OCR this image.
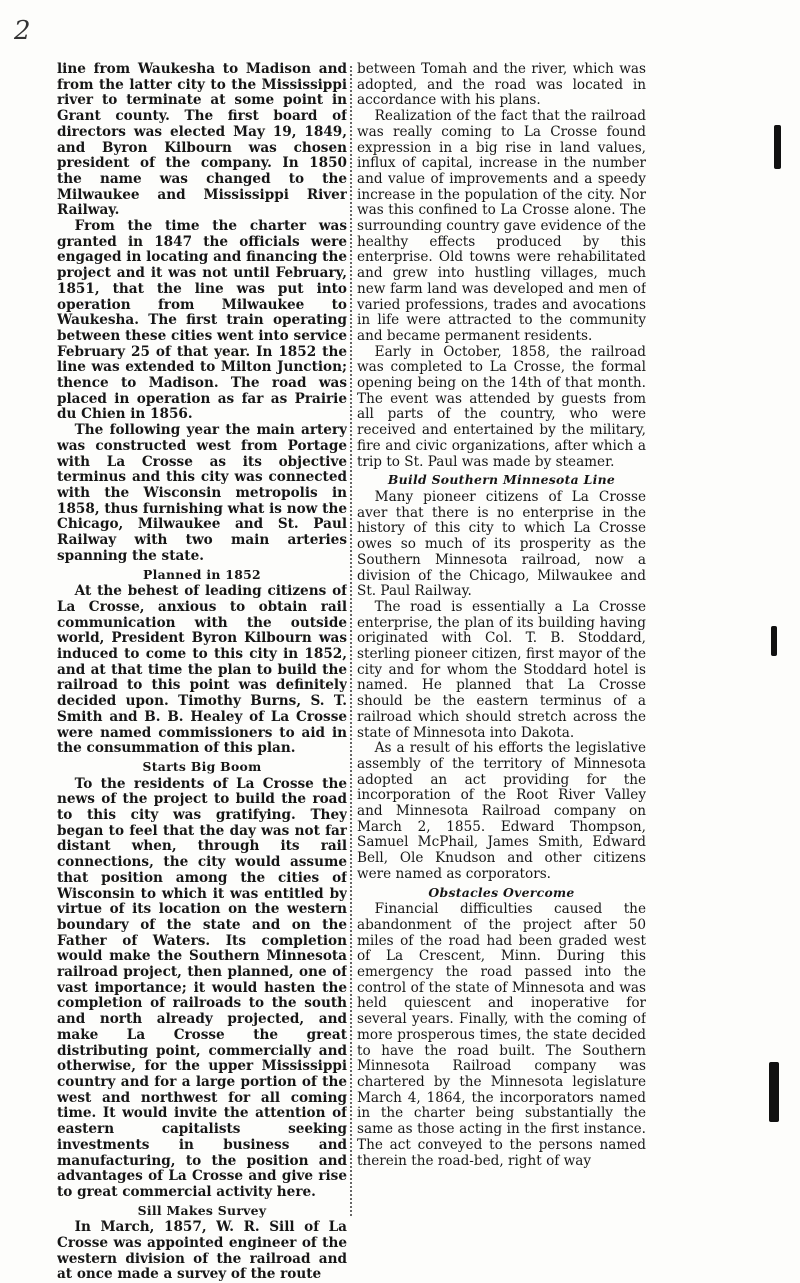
2

line from Waukesha to Madison and from the latter city to the Mississippi river to terminate at some point in Grant county. The first board of directors was elected May 19, 1849, and Byron Kilbourn was chosen president of the company. In 1850 the name was changed to the Milwaukee and Mississippi River Railway.

From the time the charter was granted in 1847 the officials were engaged in locating and financing the project and it was not until February, 1851, that the line was put into operation from Milwaukee to Waukesha. The first train operating between these cities went into service February 25 of that year. In 1852 the line was extended to Milton Junction; thence to Madison. The road was placed in operation as far as Prairie du Chien in 1856.

The following year the main artery was constructed west from Portage with La Crosse as its objective terminus and this city was connected with the Wisconsin metropolis in 1858, thus furnishing what is now the Chicago, Milwaukee and St. Paul Railway with two main arteries spanning the state.

Planned in 1852

At the behest of leading citizens of La Crosse, anxious to obtain rail communication with the outside world, President Byron Kilbourn was induced to come to this city in 1852, and at that time the plan to build the railroad to this point was definitely decided upon. Timothy Burns, S. T. Smith and B. B. Healey of La Crosse were named commissioners to aid in the consummation of this plan.

Starts Big Boom

To the residents of La Crosse the news of the project to build the road to this city was gratifying. They began to feel that the day was not far distant when, through its rail connections, the city would assume that position among the cities of Wisconsin to which it was entitled by virtue of its location on the western boundary of the state and on the Father of Waters. Its completion would make the Southern Minnesota railroad project, then planned, one of vast importance; it would hasten the completion of railroads to the south and north already projected, and make La Crosse the great distributing point, commercially and otherwise, for the upper Mississippi country and for a large portion of the west and northwest for all coming time. It would invite the attention of eastern capitalists seeking investments in business and manufacturing, to the position and advantages of La Crosse and give rise to great commercial activity here.

Sill Makes Survey

In March, 1857, W. R. Sill of La Crosse was appointed engineer of the western division of the railroad and at once made a survey of the route

between Tomah and the river, which was adopted, and the road was located in accordance with his plans.

Realization of the fact that the railroad was really coming to La Crosse found expression in a big rise in land values, influx of capital, increase in the number and value of improvements and a speedy increase in the population of the city. Nor was this confined to La Crosse alone. The surrounding country gave evidence of the healthy effects produced by this enterprise. Old towns were rehabilitated and grew into hustling villages, much new farm land was developed and men of varied professions, trades and avocations in life were attracted to the community and became permanent residents.

Early in October, 1858, the railroad was completed to La Crosse, the formal opening being on the 14th of that month. The event was attended by guests from all parts of the country, who were received and entertained by the military, fire and civic organizations, after which a trip to St. Paul was made by steamer.

Build Southern Minnesota Line

Many pioneer citizens of La Crosse aver that there is no enterprise in the history of this city to which La Crosse owes so much of its prosperity as the Southern Minnesota railroad, now a division of the Chicago, Milwaukee and St. Paul Railway.

The road is essentially a La Crosse enterprise, the plan of its building having originated with Col. T. B. Stoddard, sterling pioneer citizen, first mayor of the city and for whom the Stoddard hotel is named. He planned that La Crosse should be the eastern terminus of a railroad which should stretch across the state of Minnesota into Dakota.

As a result of his efforts the legislative assembly of the territory of Minnesota adopted an act providing for the incorporation of the Root River Valley and Minnesota Railroad company on March 2, 1855. Edward Thompson, Samuel McPhail, James Smith, Edward Bell, Ole Knudson and other citizens were named as corporators.

Obstacles Overcome

Financial difficulties caused the abandonment of the project after 50 miles of the road had been graded west of La Crescent, Minn. During this emergency the road passed into the control of the state of Minnesota and was held quiescent and inoperative for several years. Finally, with the coming of more prosperous times, the state decided to have the road built. The Southern Minnesota Railroad company was chartered by the Minnesota legislature March 4, 1864, the incorporators named in the charter being substantially the same as those acting in the first instance. The act conveyed to the persons named therein the road-bed, right of way
